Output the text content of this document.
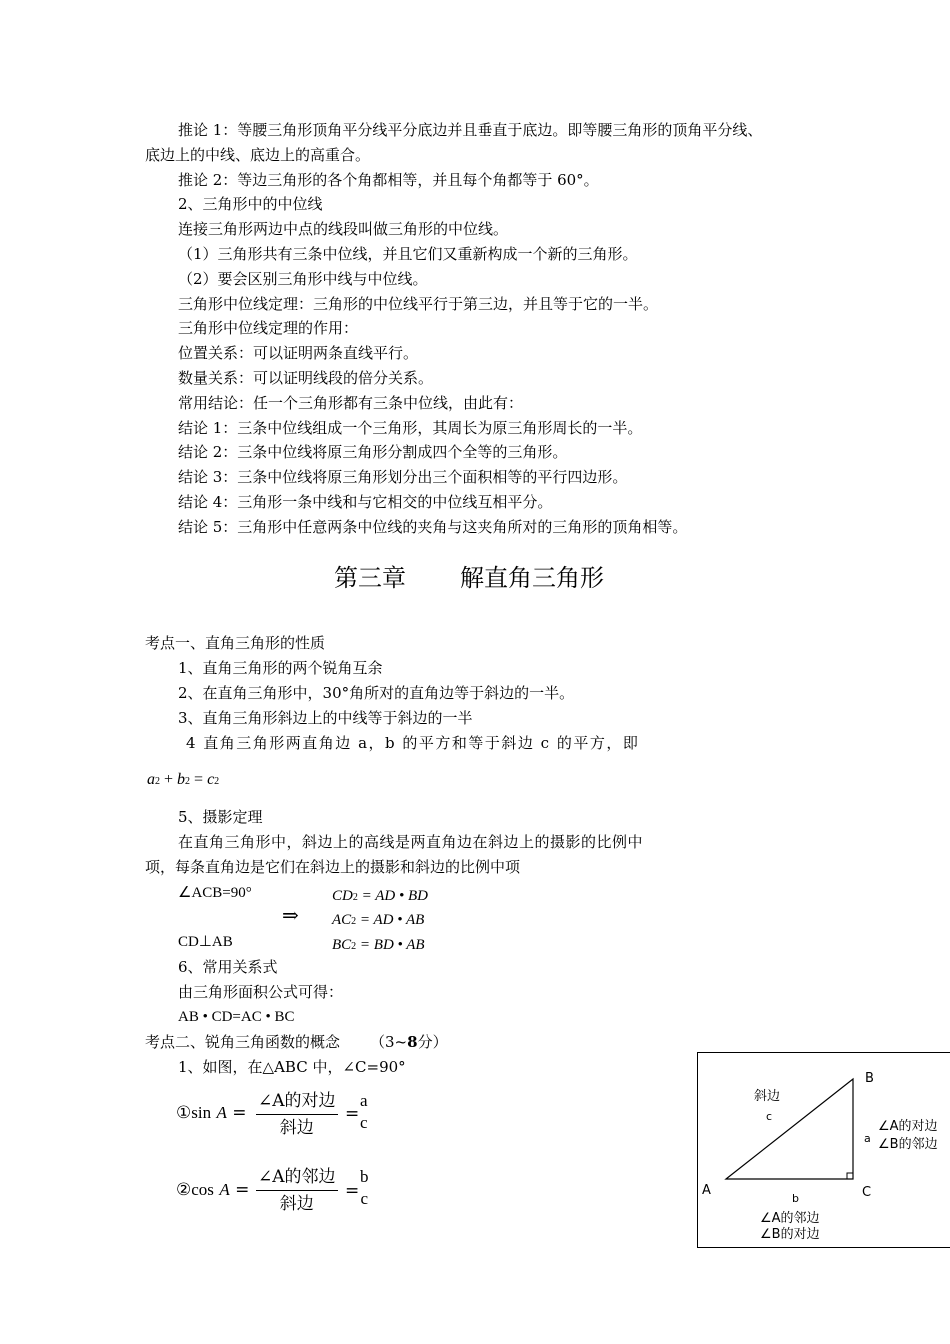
推论 1：等腰三角形顶角平分线平分底边并且垂直于底边。即等腰三角形的顶角平分线、
底边上的中线、底边上的高重合。
推论 2：等边三角形的各个角都相等，并且每个角都等于 60°。
2、三角形中的中位线
连接三角形两边中点的线段叫做三角形的中位线。
（1）三角形共有三条中位线，并且它们又重新构成一个新的三角形。
（2）要会区别三角形中线与中位线。
三角形中位线定理：三角形的中位线平行于第三边，并且等于它的一半。
三角形中位线定理的作用：
位置关系：可以证明两条直线平行。
数量关系：可以证明线段的倍分关系。
常用结论：任一个三角形都有三条中位线，由此有：
结论 1：三条中位线组成一个三角形，其周长为原三角形周长的一半。
结论 2：三条中位线将原三角形分割成四个全等的三角形。
结论 3：三条中位线将原三角形划分出三个面积相等的平行四边形。
结论 4：三角形一条中线和与它相交的中位线互相平分。
结论 5：三角形中任意两条中位线的夹角与这夹角所对的三角形的顶角相等。
第三章 解直角三角形
考点一、直角三角形的性质
1、直角三角形的两个锐角互余
2、在直角三角形中，30°角所对的直角边等于斜边的一半。
3、直角三角形斜边上的中线等于斜边的一半
4 直角三角形两直角边 a，b 的平方和等于斜边 c 的平方，即
a2 + b2 = c2
5、摄影定理
在直角三角形中，斜边上的高线是两直角边在斜边上的摄影的比例中
项，每条直角边是它们在斜边上的摄影和斜边的比例中项
∠ACB=90°
⇒
CD⊥AB
CD2 = AD • BD
AC2 = AD • AB
BC2 = BD • AB
6、常用关系式
由三角形面积公式可得：
AB • CD=AC • BC
考点二、锐角三角函数的概念 （3~8分）
1、如图，在△ABC 中，∠C=90°
①sin A =
∠A的对边
斜边
=
a
c
②cos A =
∠A的邻边
斜边
=
b
c
B
A	C
斜边
c
a
∠A的对边
∠B的邻边
b
∠A的邻边
∠B的对边
